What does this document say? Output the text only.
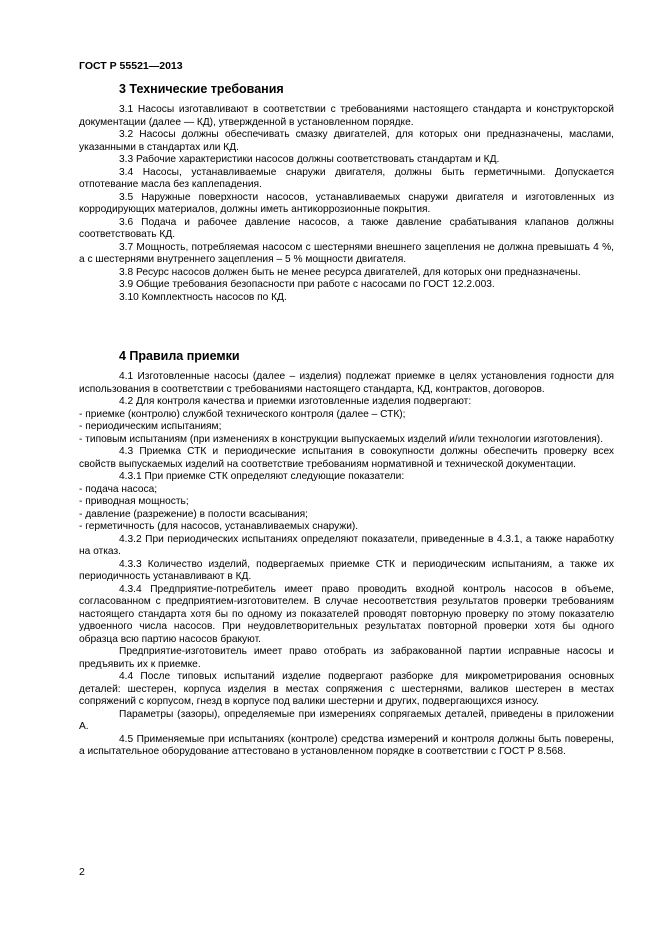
ГОСТ Р 55521—2013
3 Технические требования

3.1 Насосы изготавливают в соответствии с требованиями настоящего стандарта и конструкторской документации (далее — КД), утвержденной в установленном порядке.

3.2 Насосы должны обеспечивать смазку двигателей, для которых они предназначены, маслами, указанными в стандартах или КД.

3.3 Рабочие характеристики насосов должны соответствовать стандартам и КД.

3.4 Насосы, устанавливаемые снаружи двигателя, должны быть герметичными. Допускается отпотевание масла без каплепадения.

3.5 Наружные поверхности насосов, устанавливаемых снаружи двигателя и изготовленных из корродирующих материалов, должны иметь антикоррозионные покрытия.

3.6 Подача и рабочее давление насосов, а также давление срабатывания клапанов должны соответствовать КД.

3.7 Мощность, потребляемая насосом с шестернями внешнего зацепления не должна превышать 4 %, а с шестернями внутреннего зацепления – 5 % мощности двигателя.

3.8 Ресурс насосов должен быть не менее ресурса двигателей, для которых они предназначены.

3.9 Общие требования безопасности при работе с насосами по ГОСТ 12.2.003.

3.10 Комплектность насосов по КД.

4 Правила приемки

4.1 Изготовленные насосы (далее – изделия) подлежат приемке в целях установления годности для использования в соответствии с требованиями настоящего стандарта, КД, контрактов, договоров.

4.2 Для контроля качества и приемки изготовленные изделия подвергают:

- приемке (контролю) службой технического контроля (далее – СТК);

- периодическим испытаниям;

- типовым испытаниям (при изменениях в конструкции выпускаемых изделий и/или технологии изготовления).

4.3 Приемка СТК и периодические испытания в совокупности должны обеспечить проверку всех свойств выпускаемых изделий на соответствие требованиям нормативной и технической документации.

4.3.1 При приемке СТК определяют следующие показатели:

- подача насоса;

- приводная мощность;

- давление (разрежение) в полости всасывания;

- герметичность (для насосов, устанавливаемых снаружи).

4.3.2 При периодических испытаниях определяют показатели, приведенные в 4.3.1, а также наработку на отказ.

4.3.3 Количество изделий, подвергаемых приемке СТК и периодическим испытаниям, а также их периодичность устанавливают в КД.

4.3.4 Предприятие-потребитель имеет право проводить входной контроль насосов в объеме, согласованном с предприятием-изготовителем. В случае несоответствия результатов проверки требованиям настоящего стандарта хотя бы по одному из показателей проводят повторную проверку по этому показателю удвоенного числа насосов. При неудовлетворительных результатах повторной проверки хотя бы одного образца всю партию насосов бракуют.

Предприятие-изготовитель имеет право отобрать из забракованной партии исправные насосы и предъявить их к приемке.

4.4 После типовых испытаний изделие подвергают разборке для микрометрирования основных деталей: шестерен, корпуса изделия в местах сопряжения с шестернями, валиков шестерен в местах сопряжений с корпусом, гнезд в корпусе под валики шестерни и других, подвергающихся износу.

Параметры (зазоры), определяемые при измерениях сопрягаемых деталей, приведены в приложении А.

4.5 Применяемые при испытаниях (контроле) средства измерений и контроля должны быть поверены, а испытательное оборудование аттестовано в установленном порядке в соответствии с ГОСТ Р 8.568.

2
